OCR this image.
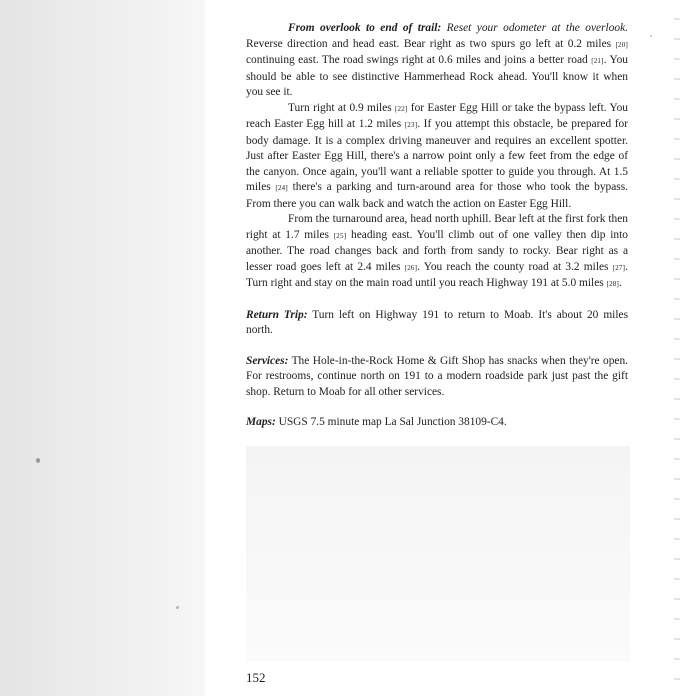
From overlook to end of trail: Reset your odometer at the overlook. Reverse direction and head east. Bear right as two spurs go left at 0.2 miles [20] continuing east. The road swings right at 0.6 miles and joins a better road [21]. You should be able to see distinctive Hammerhead Rock ahead. You'll know it when you see it.

Turn right at 0.9 miles [22] for Easter Egg Hill or take the bypass left. You reach Easter Egg hill at 1.2 miles [23]. If you attempt this obstacle, be prepared for body damage. It is a complex driving maneuver and requires an excellent spotter. Just after Easter Egg Hill, there's a narrow point only a few feet from the edge of the canyon. Once again, you'll want a reliable spotter to guide you through. At 1.5 miles [24] there's a parking and turn-around area for those who took the bypass. From there you can walk back and watch the action on Easter Egg Hill.

From the turnaround area, head north uphill. Bear left at the first fork then right at 1.7 miles [25] heading east. You'll climb out of one valley then dip into another. The road changes back and forth from sandy to rocky. Bear right as a lesser road goes left at 2.4 miles [26]. You reach the county road at 3.2 miles [27]. Turn right and stay on the main road until you reach Highway 191 at 5.0 miles [28].

Return Trip: Turn left on Highway 191 to return to Moab. It's about 20 miles north.

Services: The Hole-in-the-Rock Home & Gift Shop has snacks when they're open. For restrooms, continue north on 191 to a modern roadside park just past the gift shop. Return to Moab for all other services.

Maps: USGS 7.5 minute map La Sal Junction 38109-C4.

152
